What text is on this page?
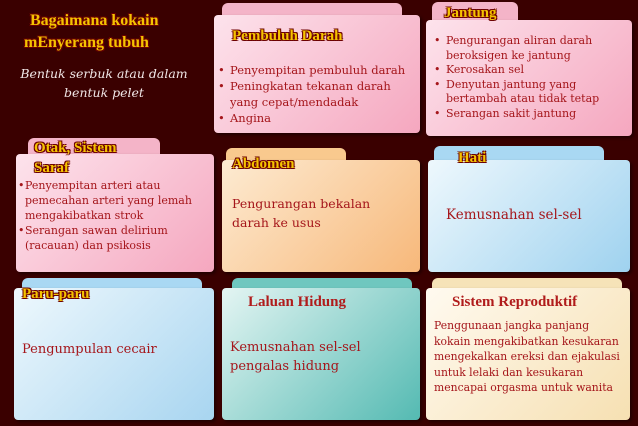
Bagaimana kokain
mEnyerang tubuh
Bentuk serbuk atau dalam bentuk pelet
Pembuluh Darah
• Penyempitan pembuluh darah
• Peningkatan tekanan darah yang cepat/mendadak
• Angina
Jantung
• Pengurangan aliran darah beroksigen ke jantung
• Kerosakan sel
• Denyutan jantung yang bertambah atau tidak tetap
• Serangan sakit jantung
Otak, Sistem
Saraf
• Penyempitan arteri atau pemecahan arteri yang lemah mengakibatkan strok
• Serangan sawan delirium (racauan) dan psikosis
Abdomen
Pengurangan bekalan darah ke usus
Hati
Kemusnahan sel-sel
Paru-paru
Pengumpulan cecair
Laluan Hidung
Kemusnahan sel-sel pengalas hidung
Sistem Reproduktif
Penggunaan jangka panjang kokain mengakibatkan kesukaran mengekalkan ereksi dan ejakulasi untuk lelaki dan kesukaran mencapai orgasma untuk wanita
